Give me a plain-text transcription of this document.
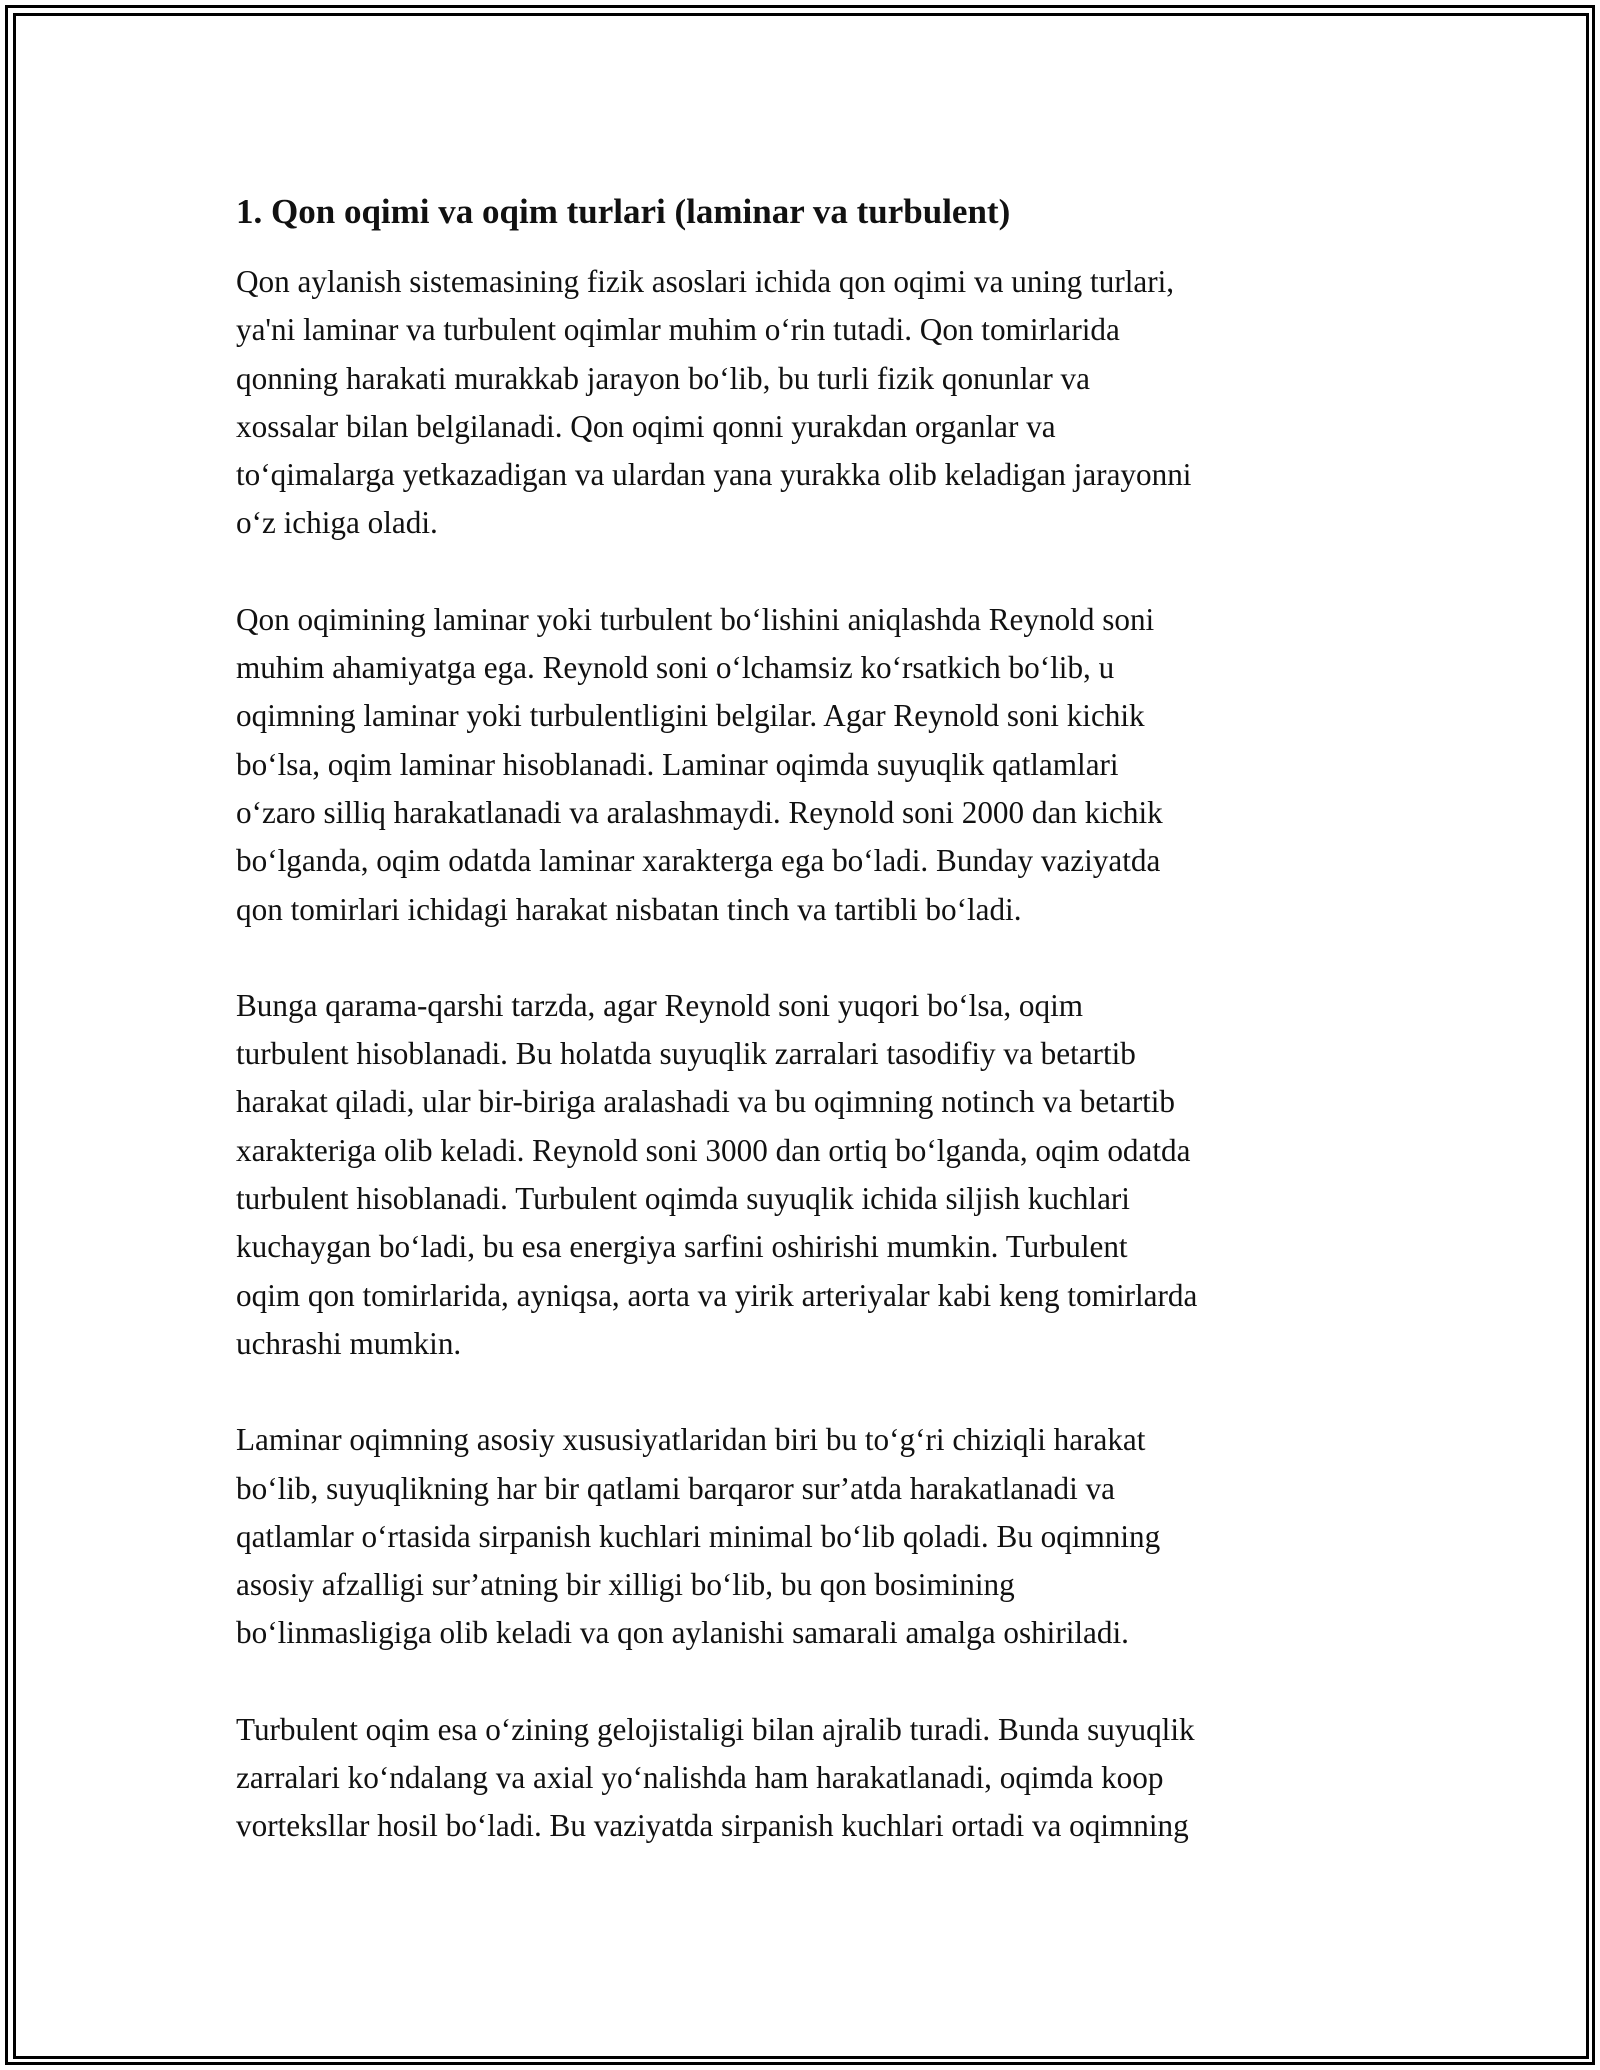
1. Qon oqimi va oqim turlari (laminar va turbulent)

Qon aylanish sistemasining fizik asoslari ichida qon oqimi va uning turlari,
ya'ni laminar va turbulent oqimlar muhim oʻrin tutadi. Qon tomirlarida
qonning harakati murakkab jarayon boʻlib, bu turli fizik qonunlar va
xossalar bilan belgilanadi. Qon oqimi qonni yurakdan organlar va
toʻqimalarga yetkazadigan va ulardan yana yurakka olib keladigan jarayonni
oʻz ichiga oladi.

Qon oqimining laminar yoki turbulent boʻlishini aniqlashda Reynold soni
muhim ahamiyatga ega. Reynold soni oʻlchamsiz koʻrsatkich boʻlib, u
oqimning laminar yoki turbulentligini belgilar. Agar Reynold soni kichik
boʻlsa, oqim laminar hisoblanadi. Laminar oqimda suyuqlik qatlamlari
oʻzaro silliq harakatlanadi va aralashmaydi. Reynold soni 2000 dan kichik
boʻlganda, oqim odatda laminar xarakterga ega boʻladi. Bunday vaziyatda
qon tomirlari ichidagi harakat nisbatan tinch va tartibli boʻladi.

Bunga qarama-qarshi tarzda, agar Reynold soni yuqori boʻlsa, oqim
turbulent hisoblanadi. Bu holatda suyuqlik zarralari tasodifiy va betartib
harakat qiladi, ular bir-biriga aralashadi va bu oqimning notinch va betartib
xarakteriga olib keladi. Reynold soni 3000 dan ortiq boʻlganda, oqim odatda
turbulent hisoblanadi. Turbulent oqimda suyuqlik ichida siljish kuchlari
kuchaygan boʻladi, bu esa energiya sarfini oshirishi mumkin. Turbulent
oqim qon tomirlarida, ayniqsa, aorta va yirik arteriyalar kabi keng tomirlarda
uchrashi mumkin.

Laminar oqimning asosiy xususiyatlaridan biri bu toʻgʻri chiziqli harakat
boʻlib, suyuqlikning har bir qatlami barqaror surʼatda harakatlanadi va
qatlamlar oʻrtasida sirpanish kuchlari minimal boʻlib qoladi. Bu oqimning
asosiy afzalligi surʼatning bir xilligi boʻlib, bu qon bosimining
boʻlinmasligiga olib keladi va qon aylanishi samarali amalga oshiriladi.

Turbulent oqim esa oʻzining gelojistaligi bilan ajralib turadi. Bunda suyuqlik
zarralari koʻndalang va axial yoʻnalishda ham harakatlanadi, oqimda koop
vorteksllar hosil boʻladi. Bu vaziyatda sirpanish kuchlari ortadi va oqimning
